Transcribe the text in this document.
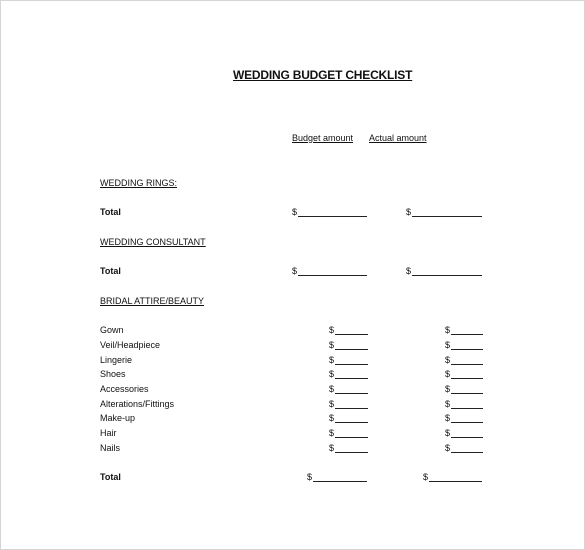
WEDDING BUDGET CHECKLIST
Budget amount Actual amount
WEDDING RINGS:
Total	$	$
WEDDING CONSULTANT
Total	$	$
BRIDAL ATTIRE/BEAUTY
Gown	$	$
Veil/Headpiece	$	$
Lingerie	$	$
Shoes	$	$
Accessories	$	$
Alterations/Fittings	$	$
Make-up	$	$
Hair	$	$
Nails	$	$
Total	$	$
